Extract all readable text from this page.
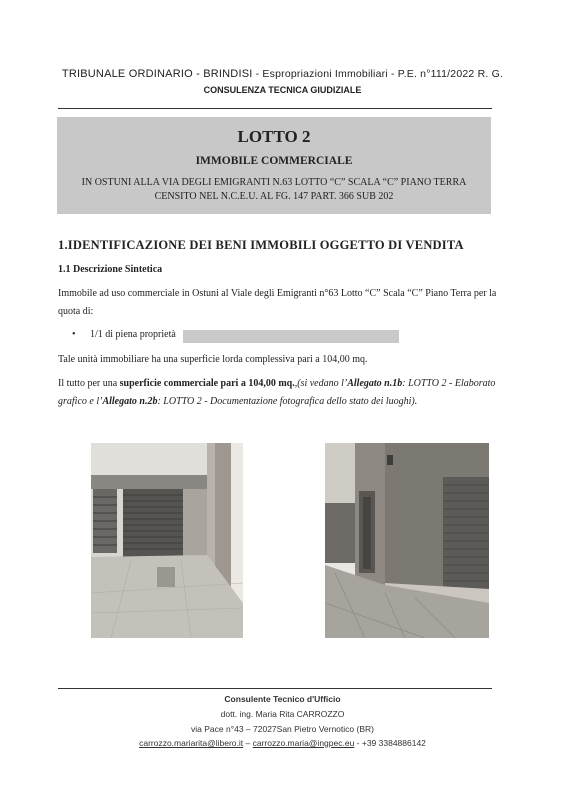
TRIBUNALE ORDINARIO - BRINDISI - Espropriazioni Immobiliari - P.E. n°111/2022 R. G.
CONSULENZA TECNICA GIUDIZIALE
LOTTO 2
IMMOBILE COMMERCIALE
IN OSTUNI ALLA VIA DEGLI EMIGRANTI N.63 LOTTO “C” SCALA “C” PIANO TERRA
CENSITO NEL N.C.E.U. AL FG. 147 PART. 366 SUB 202
1.IDENTIFICAZIONE DEI BENI IMMOBILI OGGETTO DI VENDITA
1.1 Descrizione Sintetica
Immobile ad uso commerciale in Ostuni al Viale degli Emigranti n°63 Lotto “C” Scala “C” Piano Terra per la quota di:
• 1/1 di piena proprietà
Tale unità immobiliare ha una superficie lorda complessiva pari a 104,00 mq.
Il tutto per una superficie commerciale pari a 104,00 mq.,(si vedano l’Allegato n.1b: LOTTO 2 - Elaborato grafico e l’Allegato n.2b: LOTTO 2 - Documentazione fotografica dello stato dei luoghi).
Consulente Tecnico d'Ufficio
dott. ing. Maria Rita CARROZZO
via Pace n°43 – 72027San Pietro Vernotico (BR)
carrozzo.mariarita@libero.it – carrozzo.maria@ingpec.eu - +39 3384886142
